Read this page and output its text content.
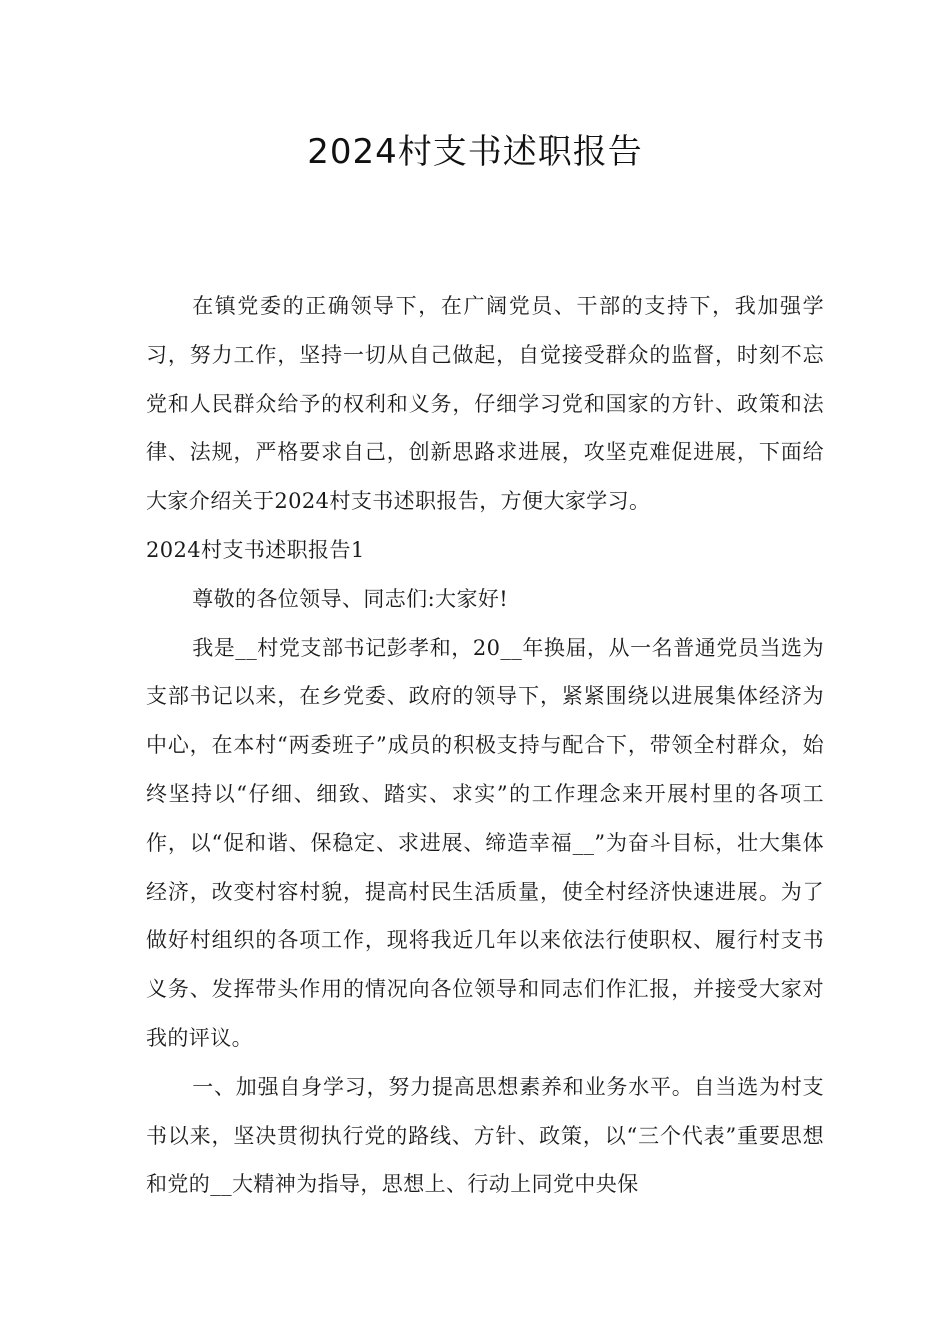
2024村支书述职报告

在镇党委的正确领导下，在广阔党员、干部的支持下，我加强学习，努力工作，坚持一切从自己做起，自觉接受群众的监督，时刻不忘党和人民群众给予的权利和义务，仔细学习党和国家的方针、政策和法律、法规，严格要求自己，创新思路求进展，攻坚克难促进展，下面给大家介绍关于2024村支书述职报告，方便大家学习。

2024村支书述职报告1

尊敬的各位领导、同志们:大家好!

我是__村党支部书记彭孝和，20__年换届，从一名普通党员当选为支部书记以来，在乡党委、政府的领导下，紧紧围绕以进展集体经济为中心，在本村“两委班子”成员的积极支持与配合下，带领全村群众，始终坚持以“仔细、细致、踏实、求实”的工作理念来开展村里的各项工作，以“促和谐、保稳定、求进展、缔造幸福__”为奋斗目标，壮大集体经济，改变村容村貌，提高村民生活质量，使全村经济快速进展。为了做好村组织的各项工作，现将我近几年以来依法行使职权、履行村支书义务、发挥带头作用的情况向各位领导和同志们作汇报，并接受大家对我的评议。

一、加强自身学习，努力提高思想素养和业务水平。自当选为村支书以来，坚决贯彻执行党的路线、方针、政策，以“三个代表”重要思想和党的__大精神为指导，思想上、行动上同党中央保
